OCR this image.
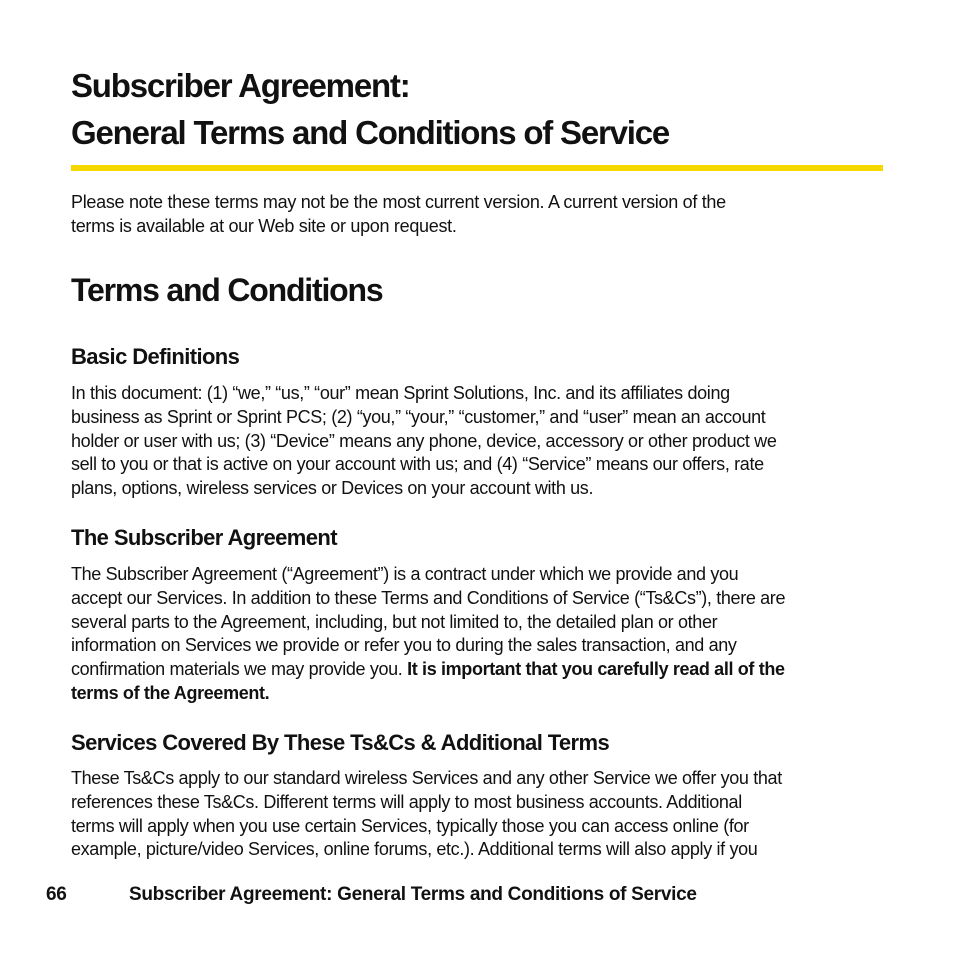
Subscriber Agreement:
General Terms and Conditions of Service

Please note these terms may not be the most current version. A current version of the
terms is available at our Web site or upon request.

Terms and Conditions
Basic Definitions

In this document: (1) “we,” “us,” “our” mean Sprint Solutions, Inc. and its affiliates doing
business as Sprint or Sprint PCS; (2) “you,” “your,” “customer,” and “user” mean an account
holder or user with us; (3) “Device” means any phone, device, accessory or other product we
sell to you or that is active on your account with us; and (4) “Service” means our offers, rate
plans, options, wireless services or Devices on your account with us.

The Subscriber Agreement

The Subscriber Agreement (“Agreement”) is a contract under which we provide and you
accept our Services. In addition to these Terms and Conditions of Service (“Ts&Cs”), there are
several parts to the Agreement, including, but not limited to, the detailed plan or other
information on Services we provide or refer you to during the sales transaction, and any
confirmation materials we may provide you. It is important that you carefully read all of the
terms of the Agreement.

Services Covered By These Ts&Cs & Additional Terms

These Ts&Cs apply to our standard wireless Services and any other Service we offer you that
references these Ts&Cs. Different terms will apply to most business accounts. Additional
terms will apply when you use certain Services, typically those you can access online (for
example, picture/video Services, online forums, etc.). Additional terms will also apply if you

66	Subscriber Agreement: General Terms and Conditions of Service
